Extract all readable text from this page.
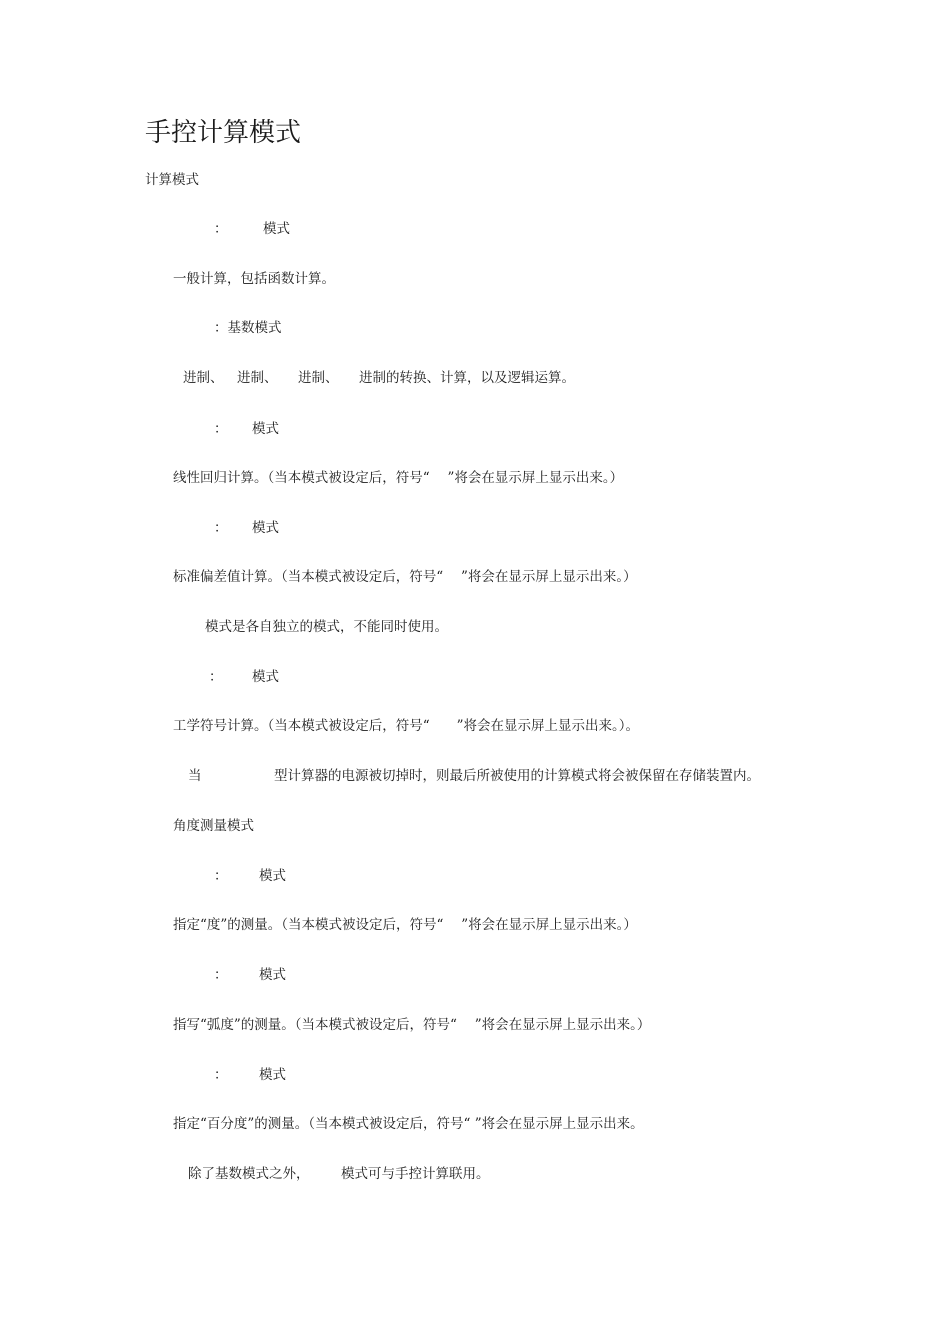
手控计算模式

计算模式

：	模式

一般计算，包括函数计算。

：基数模式

进制、 进制、 进制、 进制的转换、计算，以及逻辑运算。

： 模式

线性回归计算。（当本模式被设定后，符号“　 ”将会在显示屏上显示出来。）

： 模式

标准偏差值计算。（当本模式被设定后，符号“　 ”将会在显示屏上显示出来。）

模式是各自独立的模式，不能同时使用。

： 模式

工学符号计算。（当本模式被设定后，符号“　　”将会在显示屏上显示出来。）。

当	型计算器的电源被切掉时，则最后所被使用的计算模式将会被保留在存储装置内。

角度测量模式

： 模式

指定“度”的测量。（当本模式被设定后，符号“　 ”将会在显示屏上显示出来。）

： 模式

指写“弧度”的测量。（当本模式被设定后，符号“　 ”将会在显示屏上显示出来。）

： 模式

指定“百分度”的测量。（当本模式被设定后，符号“ ”将会在显示屏上显示出来。

除了基数模式之外， 模式可与手控计算联用。
